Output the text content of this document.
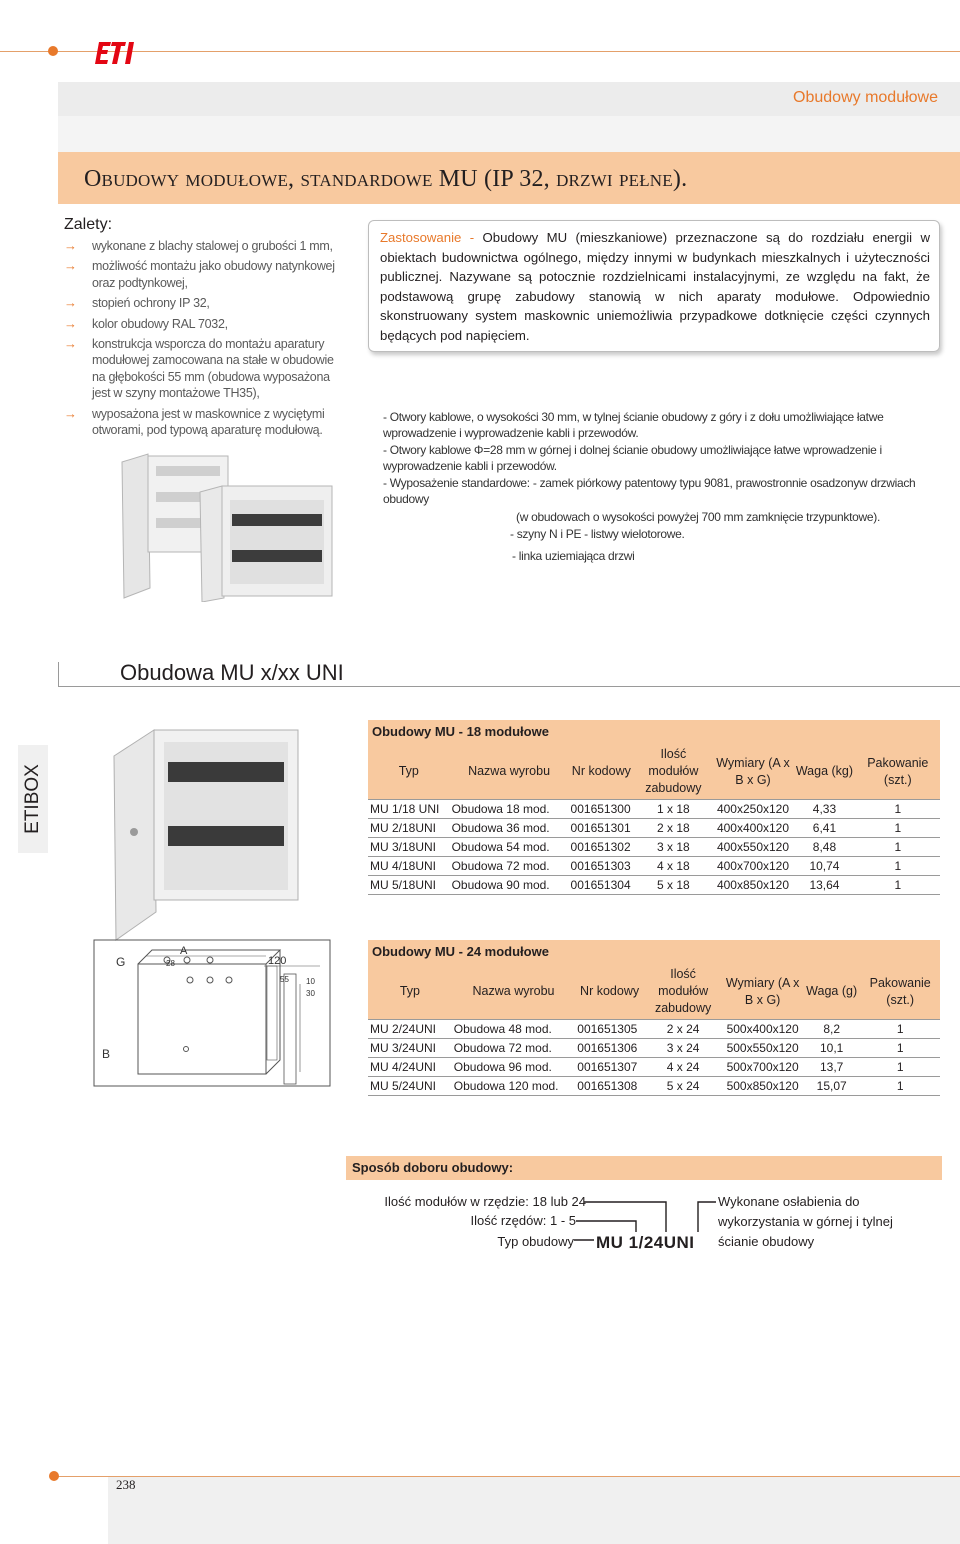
Obudowy modułowe
Obudowy modułowe, standardowe MU (IP 32, drzwi pełne).
Zalety:
→ wykonane z blachy stalowej o grubości 1 mm,
→ możliwość montażu jako obudowy natynkowej oraz podtynkowej,
→ stopień ochrony IP 32,
→ kolor obudowy RAL 7032,
→ konstrukcja wsporcza do montażu aparatury modułowej zamocowana na stałe w obudowie na głębokości 55 mm (obudowa wyposażona jest w szyny montażowe TH35),
→ wyposażona jest w maskownice z wyciętymi otworami, pod typową aparaturę modułową.
Zastosowanie - Obudowy MU (mieszkaniowe) przeznaczone są do rozdziału energii w obiektach budownictwa ogólnego, między innymi w budynkach mieszkalnych i użyteczności publicznej. Nazywane są potocznie rozdzielnicami instalacyjnymi, ze względu na fakt, że podstawową grupę zabudowy stanowią w nich aparaty modułowe. Odpowiednio skonstruowany system maskownic uniemożliwia przypadkowe dotknięcie części czynnych będących pod napięciem.

- Otwory kablowe, o wysokości 30 mm, w tylnej ścianie obudowy z góry i z dołu umożliwiające łatwe wprowadzenie i wyprowadzenie kabli i przewodów.

- Otwory kablowe Φ=28 mm w górnej i dolnej ścianie obudowy umożliwiające łatwe wprowadzenie i wyprowadzenie kabli i przewodów.

- Wyposażenie standardowe: - zamek piórkowy patentowy typu 9081, prawostronnie osadzonyw drzwiach obudowy

(w obudowach o wysokości powyżej 700 mm zamknięcie trzypunktowe).

- szyny N i PE - listwy wielotorowe.

- linka uziemiająca drzwi

Obudowa MU x/xx UNI
ETIBOX
Obudowy MU - 18 modułowe
Typ	Nazwa wyrobu	Nr kodowy	Ilość modułów zabudowy	Wymiary (A x B x G)	Waga (kg)	Pakowanie (szt.)
MU 1/18 UNI	Obudowa 18 mod.	001651300	1 x 18	400x250x120	4,33	1
MU 2/18UNI	Obudowa 36 mod.	001651301	2 x 18	400x400x120	6,41	1
MU 3/18UNI	Obudowa 54 mod.	001651302	3 x 18	400x550x120	8,48	1
MU 4/18UNI	Obudowa 72 mod.	001651303	4 x 18	400x700x120	10,74	1
MU 5/18UNI	Obudowa 90 mod.	001651304	5 x 18	400x850x120	13,64	1
G
A
28
B
120
55 10
30
Obudowy MU - 24 modułowe
Typ	Nazwa wyrobu	Nr kodowy	Ilość modułów zabudowy	Wymiary (A x B x G)	Waga (g)	Pakowanie (szt.)
MU 2/24UNI	Obudowa 48 mod.	001651305	2 x 24	500x400x120	8,2	1
MU 3/24UNI	Obudowa 72 mod.	001651306	3 x 24	500x550x120	10,1	1
MU 4/24UNI	Obudowa 96 mod.	001651307	4 x 24	500x700x120	13,7	1
MU 5/24UNI	Obudowa 120 mod.	001651308	5 x 24	500x850x120	15,07	1
Sposób doboru obudowy:
Ilość modułów w rzędzie: 18 lub 24
Ilość rzędów: 1 - 5
Typ obudowy MU 1/24UNI
Wykonane osłabienia do
wykorzystania w górnej i tylnej
ścianie obudowy
238
